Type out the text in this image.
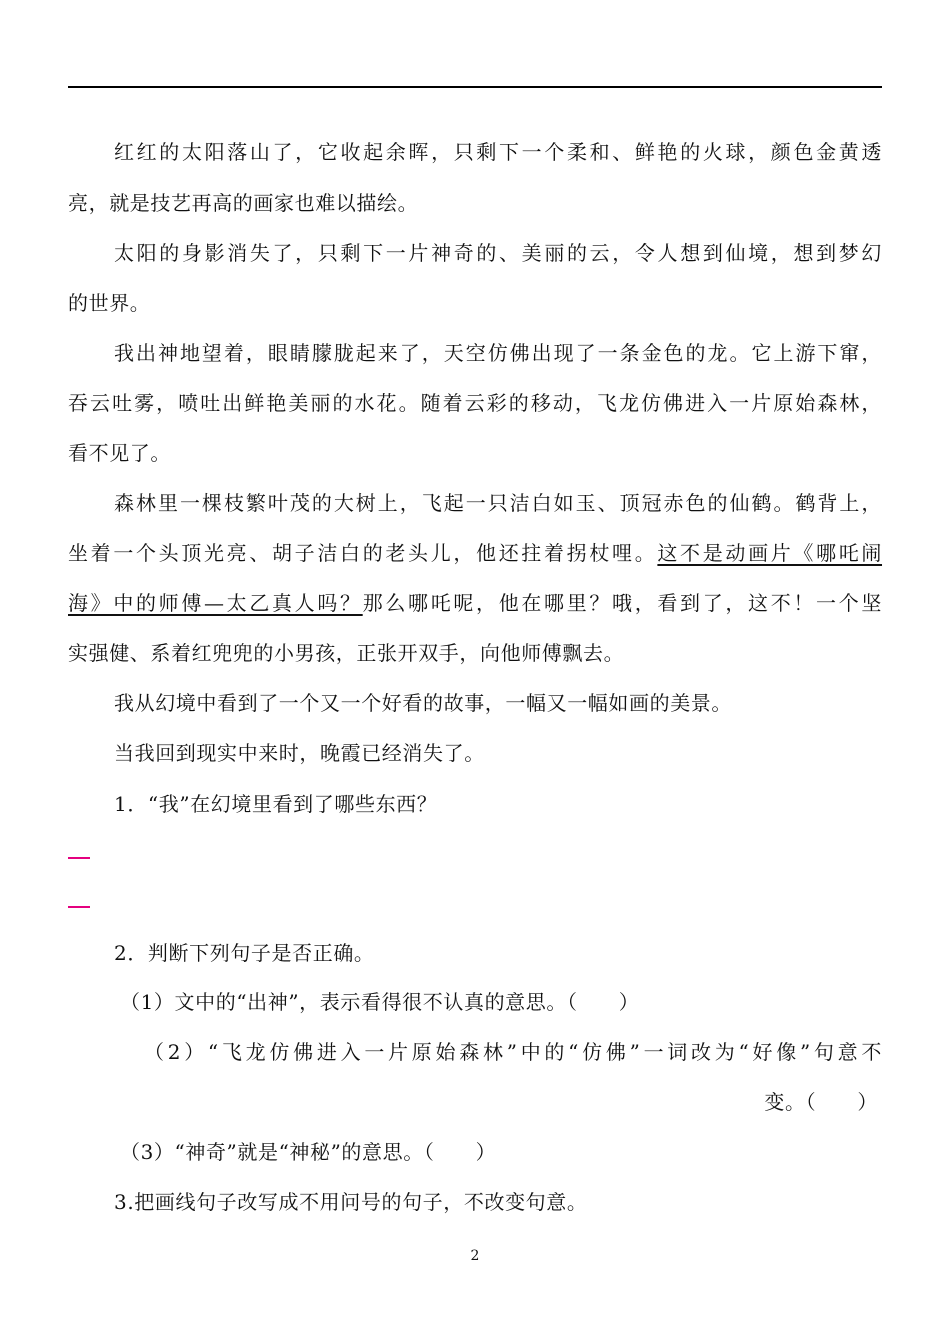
红红的太阳落山了，它收起余晖，只剩下一个柔和、鲜艳的火球，颜色金黄透
亮，就是技艺再高的画家也难以描绘。
太阳的身影消失了，只剩下一片神奇的、美丽的云，令人想到仙境，想到梦幻
的世界。
我出神地望着，眼睛朦胧起来了，天空仿佛出现了一条金色的龙。它上游下窜，
吞云吐雾，喷吐出鲜艳美丽的水花。随着云彩的移动，飞龙仿佛进入一片原始森林，
看不见了。
森林里一棵枝繁叶茂的大树上，飞起一只洁白如玉、顶冠赤色的仙鹤。鹤背上，
坐着一个头顶光亮、胡子洁白的老头儿，他还拄着拐杖哩。这不是动画片《哪吒闹
海》中的师傅—太乙真人吗？那么哪吒呢，他在哪里？哦，看到了，这不！一个坚
实强健、系着红兜兜的小男孩，正张开双手，向他师傅飘去。
我从幻境中看到了一个又一个好看的故事，一幅又一幅如画的美景。
当我回到现实中来时，晚霞已经消失了。
1．“我”在幻境里看到了哪些东西？
2．判断下列句子是否正确。
（1）文中的“出神”，表示看得很不认真的意思。（　　）
（2）“飞龙仿佛进入一片原始森林”中的“仿佛”一词改为“好像”句意不
变。（　　）
（3）“神奇”就是“神秘”的意思。（　　）
3.把画线句子改写成不用问号的句子，不改变句意。
2
